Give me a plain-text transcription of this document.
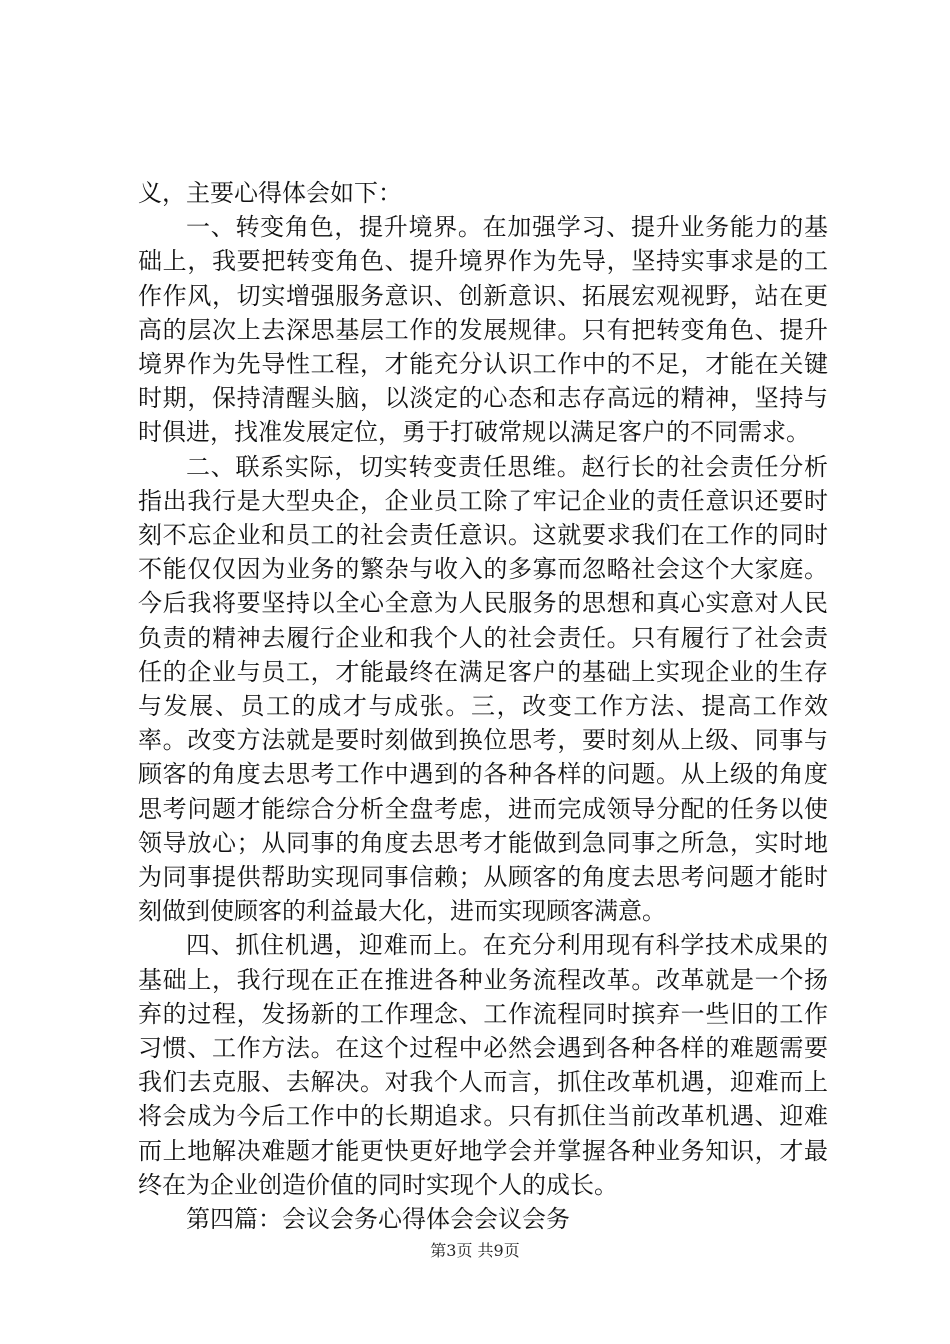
义，主要心得体会如下：

一、转变角色，提升境界。在加强学习、提升业务能力的基础上，我要把转变角色、提升境界作为先导，坚持实事求是的工作作风，切实增强服务意识、创新意识、拓展宏观视野，站在更高的层次上去深思基层工作的发展规律。只有把转变角色、提升境界作为先导性工程，才能充分认识工作中的不足，才能在关键时期，保持清醒头脑，以淡定的心态和志存高远的精神，坚持与时俱进，找准发展定位，勇于打破常规以满足客户的不同需求。

二、联系实际，切实转变责任思维。赵行长的社会责任分析指出我行是大型央企，企业员工除了牢记企业的责任意识还要时刻不忘企业和员工的社会责任意识。这就要求我们在工作的同时不能仅仅因为业务的繁杂与收入的多寡而忽略社会这个大家庭。今后我将要坚持以全心全意为人民服务的思想和真心实意对人民负责的精神去履行企业和我个人的社会责任。只有履行了社会责任的企业与员工，才能最终在满足客户的基础上实现企业的生存与发展、员工的成才与成张。三，改变工作方法、提高工作效率。改变方法就是要时刻做到换位思考，要时刻从上级、同事与顾客的角度去思考工作中遇到的各种各样的问题。从上级的角度思考问题才能综合分析全盘考虑，进而完成领导分配的任务以使领导放心；从同事的角度去思考才能做到急同事之所急，实时地为同事提供帮助实现同事信赖；从顾客的角度去思考问题才能时刻做到使顾客的利益最大化，进而实现顾客满意。

四、抓住机遇，迎难而上。在充分利用现有科学技术成果的基础上，我行现在正在推进各种业务流程改革。改革就是一个扬弃的过程，发扬新的工作理念、工作流程同时摈弃一些旧的工作习惯、工作方法。在这个过程中必然会遇到各种各样的难题需要我们去克服、去解决。对我个人而言，抓住改革机遇，迎难而上将会成为今后工作中的长期追求。只有抓住当前改革机遇、迎难而上地解决难题才能更快更好地学会并掌握各种业务知识，才最终在为企业创造价值的同时实现个人的成长。

第四篇：会议会务心得体会会议会务

第3页 共9页
